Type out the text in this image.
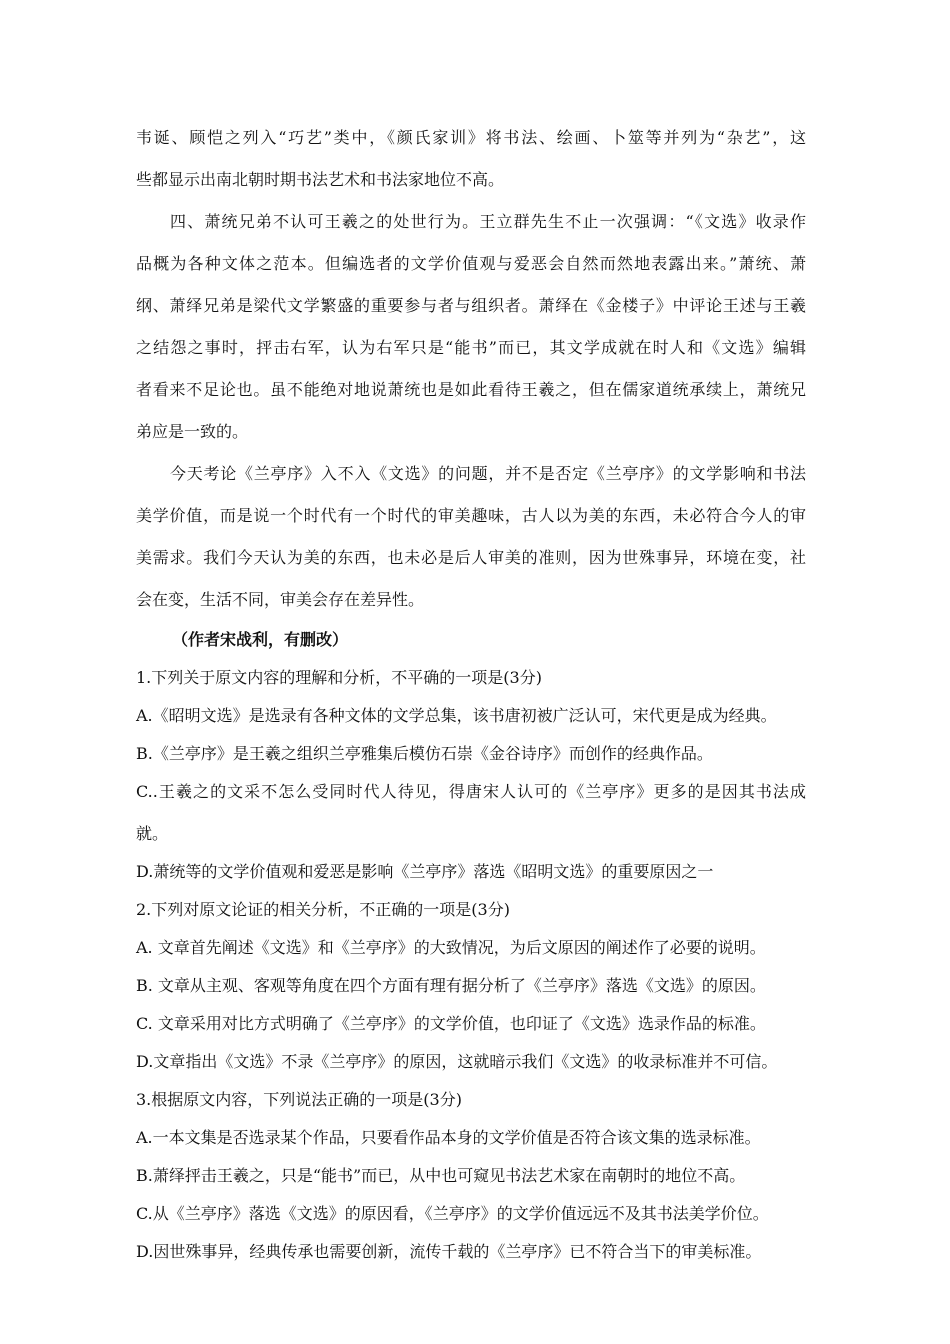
韦诞、顾恺之列入“巧艺”类中，《颜氏家训》将书法、绘画、卜筮等并列为“杂艺”，这
些都显示出南北朝时期书法艺术和书法家地位不高。
四、萧统兄弟不认可王羲之的处世行为。王立群先生不止一次强调：“《文选》收录作
品概为各种文体之范本。但编选者的文学价值观与爱恶会自然而然地表露出来。”萧统、萧
纲、萧绎兄弟是梁代文学繁盛的重要参与者与组织者。萧绎在《金楼子》中评论王述与王羲
之结怨之事时，抨击右军，认为右军只是“能书”而已，其文学成就在时人和《文选》编辑
者看来不足论也。虽不能绝对地说萧统也是如此看待王羲之，但在儒家道统承续上，萧统兄
弟应是一致的。
今天考论《兰亭序》入不入《文选》的问题，并不是否定《兰亭序》的文学影响和书法
美学价值，而是说一个时代有一个时代的审美趣味，古人以为美的东西，未必符合今人的审
美需求。我们今天认为美的东西，也未必是后人审美的准则，因为世殊事异，环境在变，社
会在变，生活不同，审美会存在差异性。
（作者宋战利，有删改）
1.下列关于原文内容的理解和分析，不平确的一项是(3分)
A.《昭明文选》是选录有各种文体的文学总集，该书唐初被广泛认可，宋代更是成为经典。
B.《兰亭序》是王羲之组织兰亭雅集后模仿石崇《金谷诗序》而创作的经典作品。
C..王羲之的文采不怎么受同时代人待见，得唐宋人认可的《兰亭序》更多的是因其书法成
就。
D.萧统等的文学价值观和爱恶是影响《兰亭序》落选《昭明文选》的重要原因之一
2.下列对原文论证的相关分析，不正确的一项是(3分)
A. 文章首先阐述《文选》和《兰亭序》的大致情况，为后文原因的阐述作了必要的说明。
B. 文章从主观、客观等角度在四个方面有理有据分析了《兰亭序》落选《文选》的原因。
C. 文章采用对比方式明确了《兰亭序》的文学价值，也印证了《文选》选录作品的标准。
D.文章指出《文选》不录《兰亭序》的原因，这就暗示我们《文选》的收录标准并不可信。
3.根据原文内容，下列说法正确的一项是(3分)
A.一本文集是否选录某个作品，只要看作品本身的文学价值是否符合该文集的选录标准。
B.萧绎抨击王羲之，只是“能书”而已，从中也可窥见书法艺术家在南朝时的地位不高。
C.从《兰亭序》落选《文选》的原因看，《兰亭序》的文学价值远远不及其书法美学价位。
D.因世殊事异，经典传承也需要创新，流传千载的《兰亭序》已不符合当下的审美标准。
